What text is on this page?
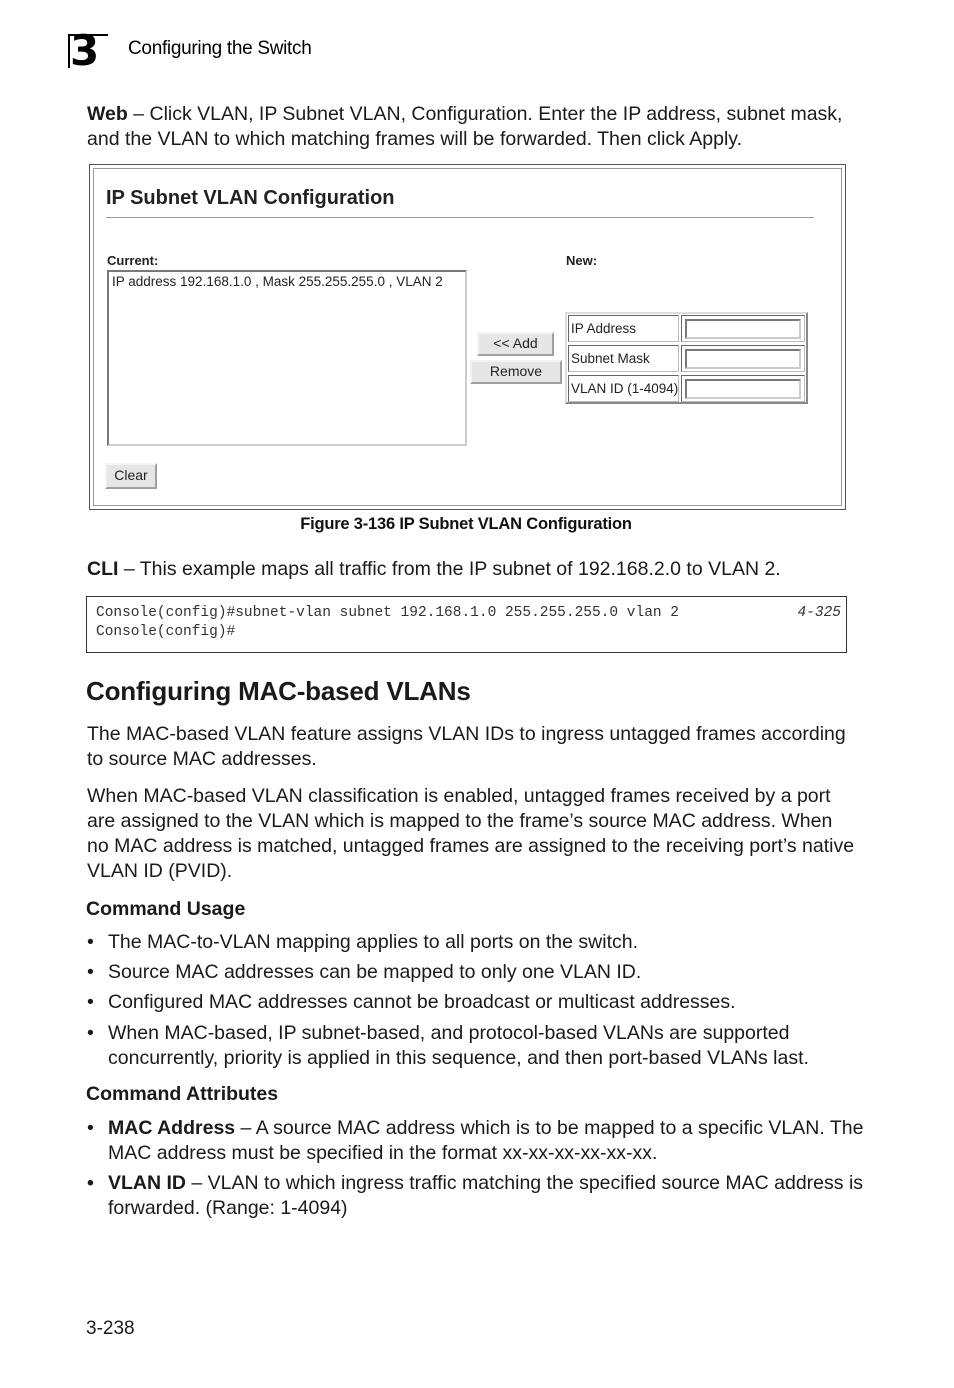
3 Configuring the Switch
Web – Click VLAN, IP Subnet VLAN, Configuration. Enter the IP address, subnet mask, and the VLAN to which matching frames will be forwarded. Then click Apply.
IP Subnet VLAN Configuration
Current:	New:
IP address 192.168.1.0 , Mask 255.255.255.0 , VLAN 2
<< Add
Remove
IP Address
Subnet Mask
VLAN ID (1-4094)
Clear
Figure 3-136 IP Subnet VLAN Configuration
CLI – This example maps all traffic from the IP subnet of 192.168.2.0 to VLAN 2.
Console(config)#subnet-vlan subnet 192.168.1.0 255.255.255.0 vlan 2	4-325
Console(config)#
Configuring MAC-based VLANs
The MAC-based VLAN feature assigns VLAN IDs to ingress untagged frames according to source MAC addresses.
When MAC-based VLAN classification is enabled, untagged frames received by a port are assigned to the VLAN which is mapped to the frame’s source MAC address. When no MAC address is matched, untagged frames are assigned to the receiving port’s native VLAN ID (PVID).
Command Usage
• The MAC-to-VLAN mapping applies to all ports on the switch.
• Source MAC addresses can be mapped to only one VLAN ID.
• Configured MAC addresses cannot be broadcast or multicast addresses.
• When MAC-based, IP subnet-based, and protocol-based VLANs are supported concurrently, priority is applied in this sequence, and then port-based VLANs last.
Command Attributes
• MAC Address – A source MAC address which is to be mapped to a specific VLAN. The MAC address must be specified in the format xx-xx-xx-xx-xx-xx.
• VLAN ID – VLAN to which ingress traffic matching the specified source MAC address is forwarded. (Range: 1-4094)
3-238
